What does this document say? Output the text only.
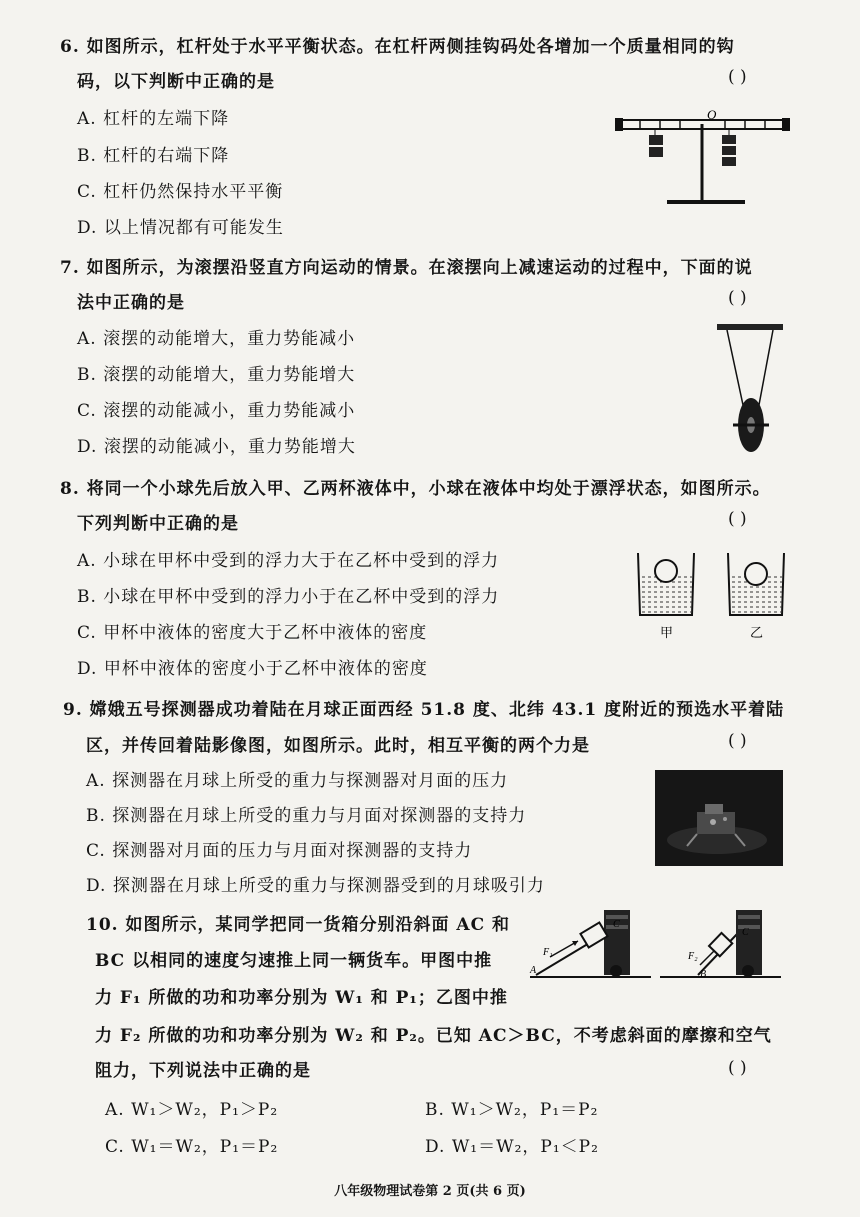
6. 如图所示，杠杆处于水平平衡状态。在杠杆两侧挂钩码处各增加一个质量相同的钩
码，以下判断中正确的是	( )
A. 杠杆的左端下降
B. 杠杆的右端下降
C. 杠杆仍然保持水平平衡
D. 以上情况都有可能发生
O
7. 如图所示，为滚摆沿竖直方向运动的情景。在滚摆向上减速运动的过程中，下面的说
法中正确的是	( )
A. 滚摆的动能增大，重力势能减小
B. 滚摆的动能增大，重力势能增大
C. 滚摆的动能减小，重力势能减小
D. 滚摆的动能减小，重力势能增大
8. 将同一个小球先后放入甲、乙两杯液体中，小球在液体中均处于漂浮状态，如图所示。
下列判断中正确的是	( )
A. 小球在甲杯中受到的浮力大于在乙杯中受到的浮力
B. 小球在甲杯中受到的浮力小于在乙杯中受到的浮力
C. 甲杯中液体的密度大于乙杯中液体的密度
D. 甲杯中液体的密度小于乙杯中液体的密度
甲	乙
9. 嫦娥五号探测器成功着陆在月球正面西经 51.8 度、北纬 43.1 度附近的预选水平着陆
区，并传回着陆影像图，如图所示。此时，相互平衡的两个力是	( )
A. 探测器在月球上所受的重力与探测器对月面的压力
B. 探测器在月球上所受的重力与月面对探测器的支持力
C. 探测器对月面的压力与月面对探测器的支持力
D. 探测器在月球上所受的重力与探测器受到的月球吸引力
10. 如图所示，某同学把同一货箱分别沿斜面 AC 和
BC 以相同的速度匀速推上同一辆货车。甲图中推
力 F₁ 所做的功和功率分别为 W₁ 和 P₁；乙图中推
力 F₂ 所做的功和功率分别为 W₂ 和 P₂。已知 AC＞BC，不考虑斜面的摩擦和空气
阻力，下列说法中正确的是	( )
A. W₁＞W₂，P₁＞P₂	B. W₁＞W₂，P₁＝P₂
C. W₁＝W₂，P₁＝P₂	D. W₁＝W₂，P₁＜P₂
A
F₁
C
B
F₂
C
八年级物理试卷第 2 页(共 6 页)
